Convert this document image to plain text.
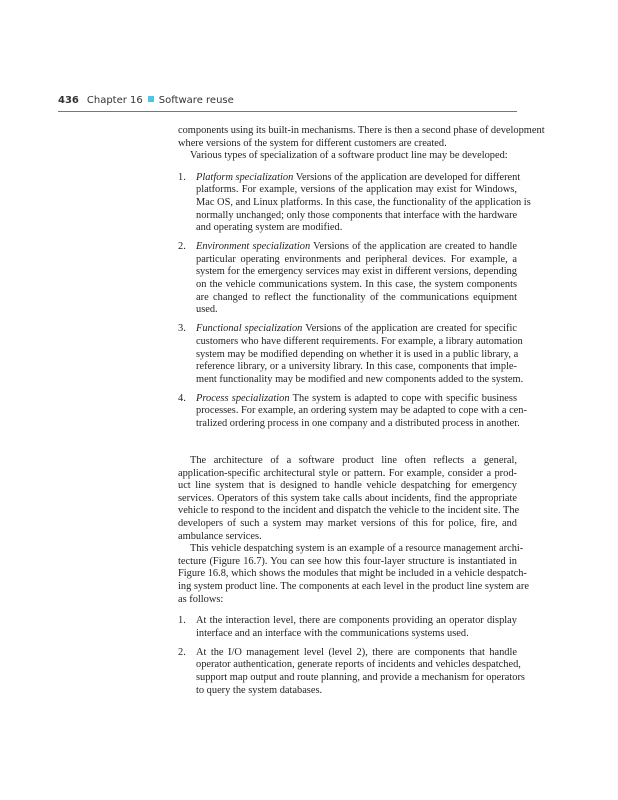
436 Chapter 16 Software reuse
components using its built-in mechanisms. There is then a second phase of development
where versions of the system for different customers are created.
Various types of specialization of a software product line may be developed:
1. Platform specialization Versions of the application are developed for different
platforms. For example, versions of the application may exist for Windows,
Mac OS, and Linux platforms. In this case, the functionality of the application is
normally unchanged; only those components that interface with the hardware
and operating system are modified.
2. Environment specialization Versions of the application are created to handle
particular operating environments and peripheral devices. For example, a
system for the emergency services may exist in different versions, depending
on the vehicle communications system. In this case, the system components
are changed to reflect the functionality of the communications equipment
used.
3. Functional specialization Versions of the application are created for specific
customers who have different requirements. For example, a library automation
system may be modified depending on whether it is used in a public library, a
reference library, or a university library. In this case, components that imple-
ment functionality may be modified and new components added to the system.
4. Process specialization The system is adapted to cope with specific business
processes. For example, an ordering system may be adapted to cope with a cen-
tralized ordering process in one company and a distributed process in another.
The architecture of a software product line often reflects a general,
application-specific architectural style or pattern. For example, consider a prod-
uct line system that is designed to handle vehicle despatching for emergency
services. Operators of this system take calls about incidents, find the appropriate
vehicle to respond to the incident and dispatch the vehicle to the incident site. The
developers of such a system may market versions of this for police, fire, and
ambulance services.
This vehicle despatching system is an example of a resource management archi-
tecture (Figure 16.7). You can see how this four-layer structure is instantiated in
Figure 16.8, which shows the modules that might be included in a vehicle despatch-
ing system product line. The components at each level in the product line system are
as follows:
1. At the interaction level, there are components providing an operator display
interface and an interface with the communications systems used.
2. At the I/O management level (level 2), there are components that handle
operator authentication, generate reports of incidents and vehicles despatched,
support map output and route planning, and provide a mechanism for operators
to query the system databases.
